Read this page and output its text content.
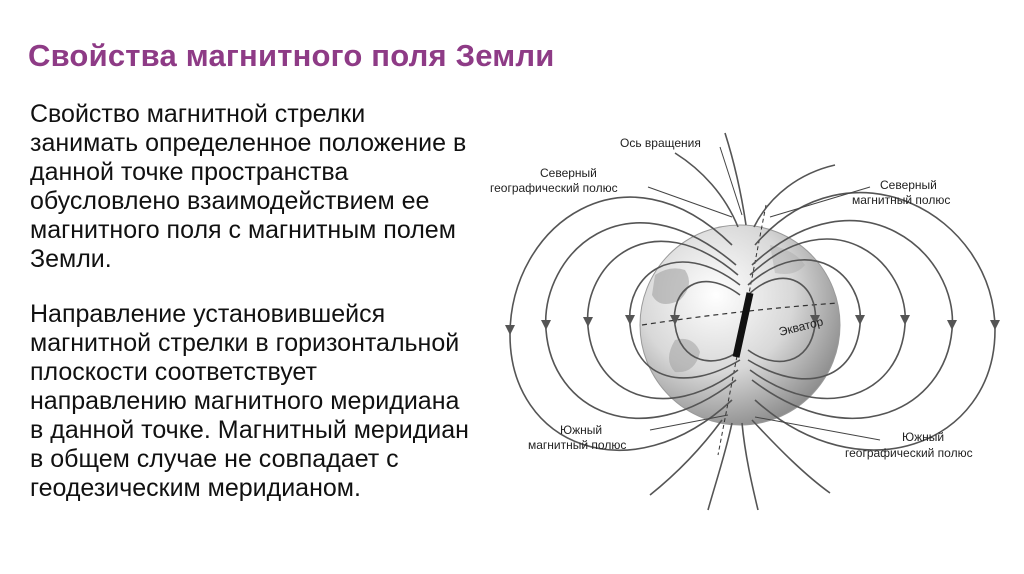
Свойства магнитного поля Земли

Свойство магнитной стрелки занимать определенное положение в данной точке пространства обусловлено взаимодействием ее магнитного поля с магнитным полем Земли.

Направление установившейся магнитной стрелки в горизонтальной плоскости соответствует направлению магнитного меридиана в данной точке. Магнитный меридиан в общем случае не совпадает с геодезическим меридианом.

Ось вращения
Северный
географический полюс	Северный
магнитный полюс
Экватор
Южный
магнитный полюс
Южный
географический полюс
